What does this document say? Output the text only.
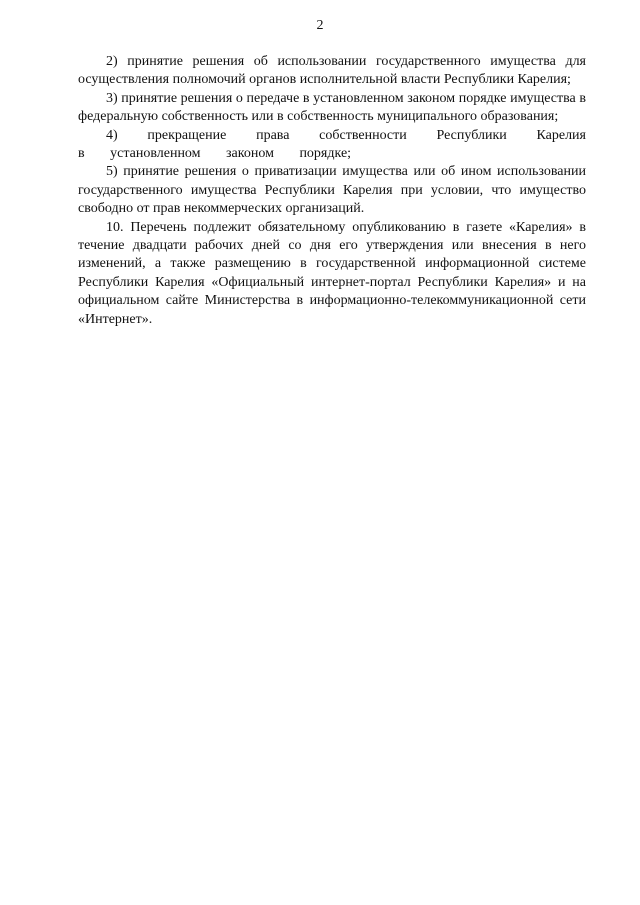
2

2) принятие решения об использовании государственного имущества для осуществления полномочий органов исполнительной власти Республики Карелия;

3) принятие решения о передаче в установленном законом порядке имущества в федеральную собственность или в собственность муниципального образования;

4) прекращение права собственности Республики Карелия в установленном законом порядке;

5) принятие решения о приватизации имущества или об ином использовании государственного имущества Республики Карелия при условии, что имущество свободно от прав некоммерческих организаций.

10. Перечень подлежит обязательному опубликованию в газете «Карелия» в течение двадцати рабочих дней со дня его утверждения или внесения в него изменений, а также размещению в государственной информационной системе Республики Карелия «Официальный интернет-портал Республики Карелия» и на официальном сайте Министерства в информационно-телекоммуникационной сети «Интернет».
